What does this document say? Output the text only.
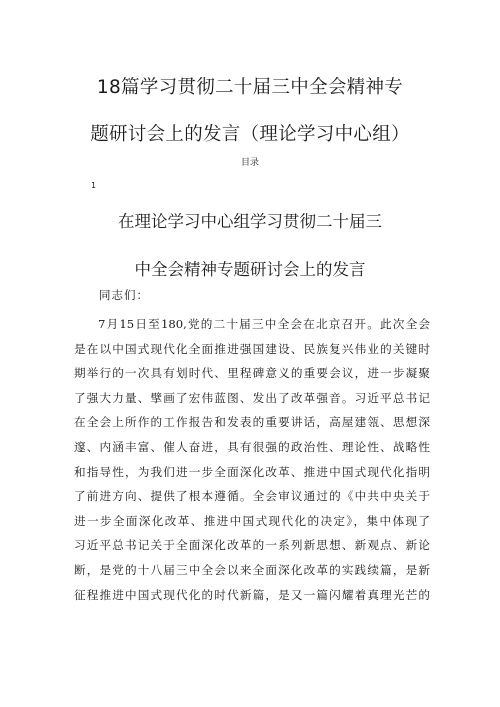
18篇学习贯彻二十届三中全会精神专
题研讨会上的发言（理论学习中心组）
目录
1
在理论学习中心组学习贯彻二十届三
中全会精神专题研讨会上的发言
同志们：
7月15日至180,党的二十届三中全会在北京召开。此次全会
是在以中国式现代化全面推进强国建设、民族复兴伟业的关键时
期举行的一次具有划时代、里程碑意义的重要会议，进一步凝聚
了强大力量、擘画了宏伟蓝图、发出了改革强音。习近平总书记
在全会上所作的工作报告和发表的重要讲话，高屋建瓴、思想深
邃、内涵丰富、催人奋进，具有很强的政治性、理论性、战略性
和指导性，为我们进一步全面深化改革、推进中国式现代化指明
了前进方向、提供了根本遵循。全会审议通过的《中共中央关于
进一步全面深化改革、推进中国式现代化的决定》，集中体现了
习近平总书记关于全面深化改革的一系列新思想、新观点、新论
断，是党的十八届三中全会以来全面深化改革的实践续篇，是新
征程推进中国式现代化的时代新篇，是又一篇闪耀着真理光芒的
